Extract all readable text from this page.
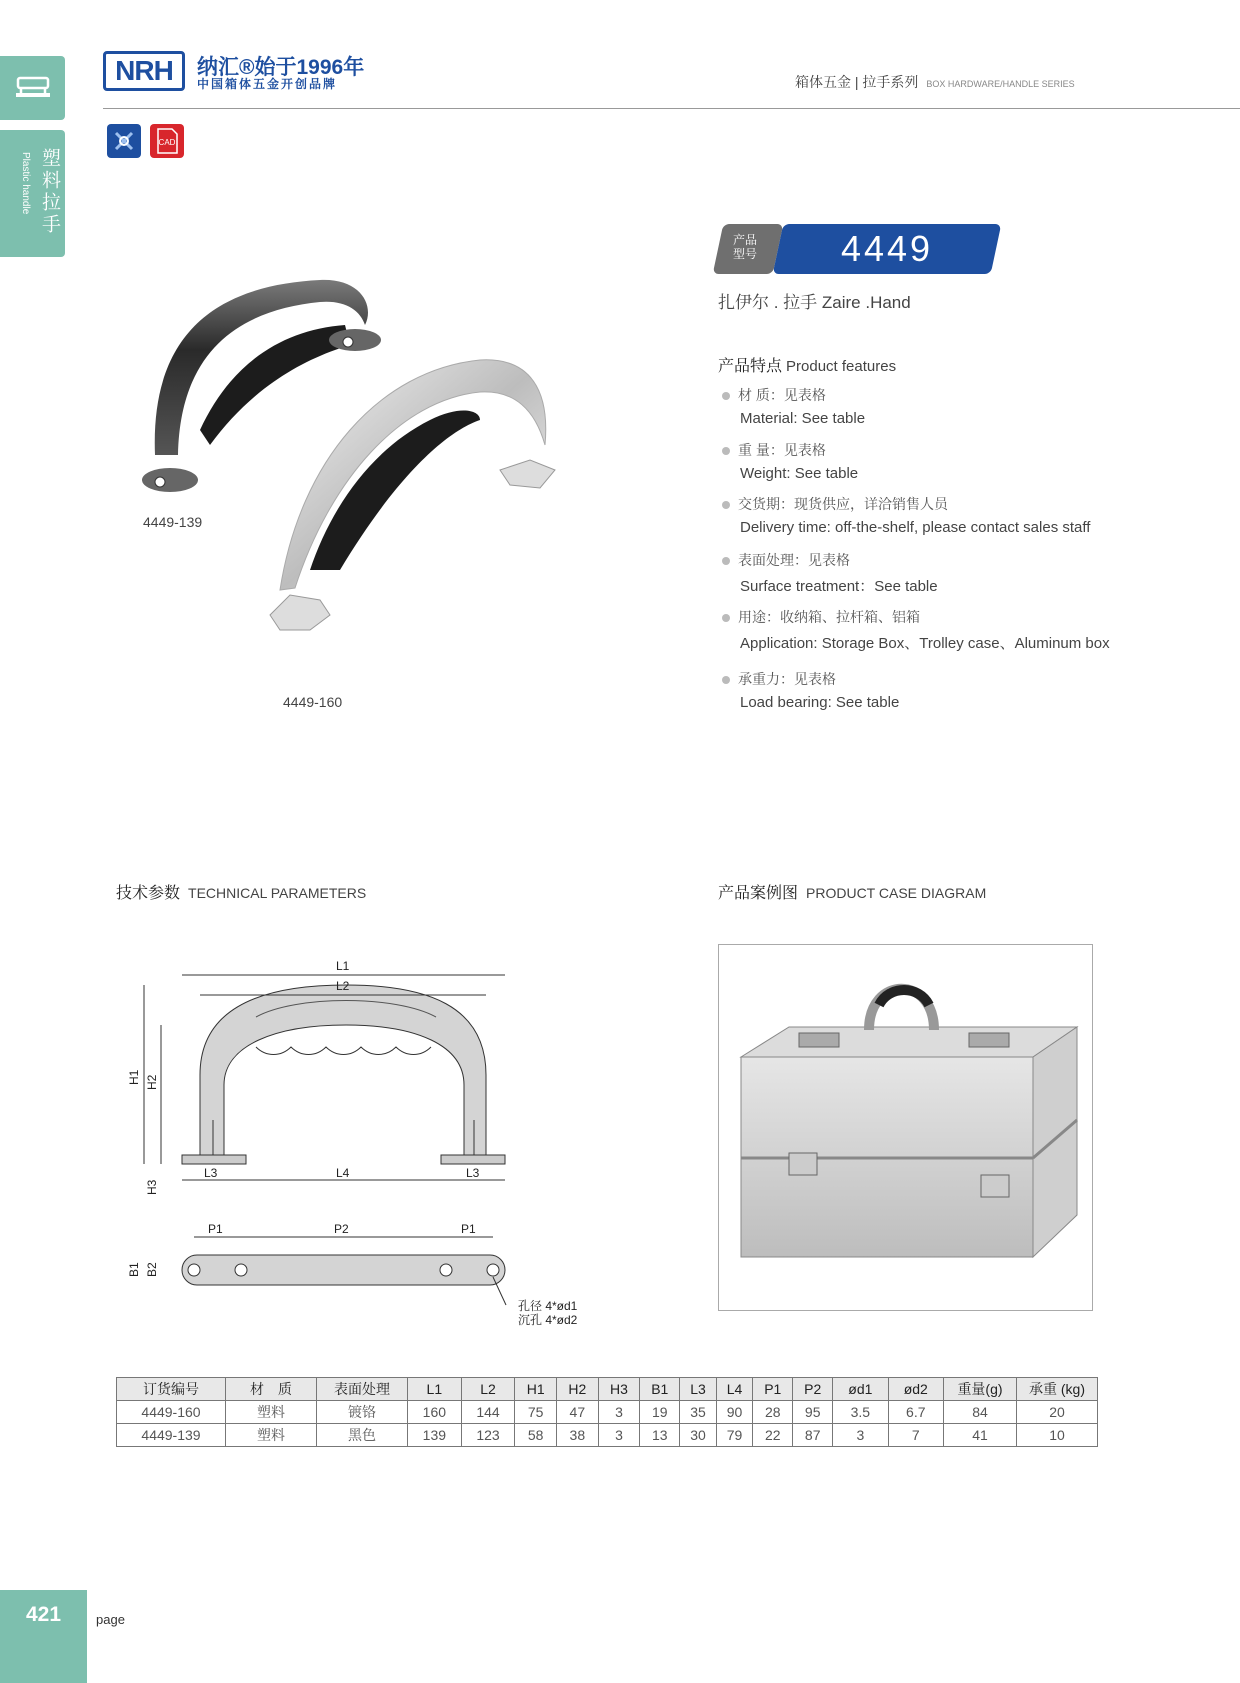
塑料拉手
Plastic handle
NRH	纳汇®始于1996年
中国箱体五金开创品牌	箱体五金 | 拉手系列 BOX HARDWARE/HANDLE SERIES
CAD
产品
型号	4449
扎伊尔 . 拉手 Zaire .Hand
产品特点 Product features
材 质：见表格
Material: See table
重 量：见表格
Weight: See table
交货期：现货供应，详洽销售人员
Delivery time: off-the-shelf, please contact sales staff
表面处理：见表格
Surface treatment：See table
用途：收纳箱、拉杆箱、铝箱
Application: Storage Box、Trolley case、Aluminum box
承重力：见表格
Load bearing: See table
4449-139
4449-160
技术参数 TECHNICAL PARAMETERS	产品案例图 PRODUCT CASE DIAGRAM
L1
L2
L3	L4	L3
H1 H2
H3
P1	P2	P1
B1 B2
孔径 4*ød1
沉孔 4*ød2
订货编号	材　质	表面处理	L1	L2	H1	H2	H3	B1	L3	L4	P1	P2	ød1	ød2	重量(g)	承重 (kg)
4449-160	塑料	镀铬	160	144	75	47	3	19	35	90	28	95	3.5	6.7	84	20
4449-139	塑料	黑色	139	123	58	38	3	13	30	79	22	87	3	7	41	10
421	page
